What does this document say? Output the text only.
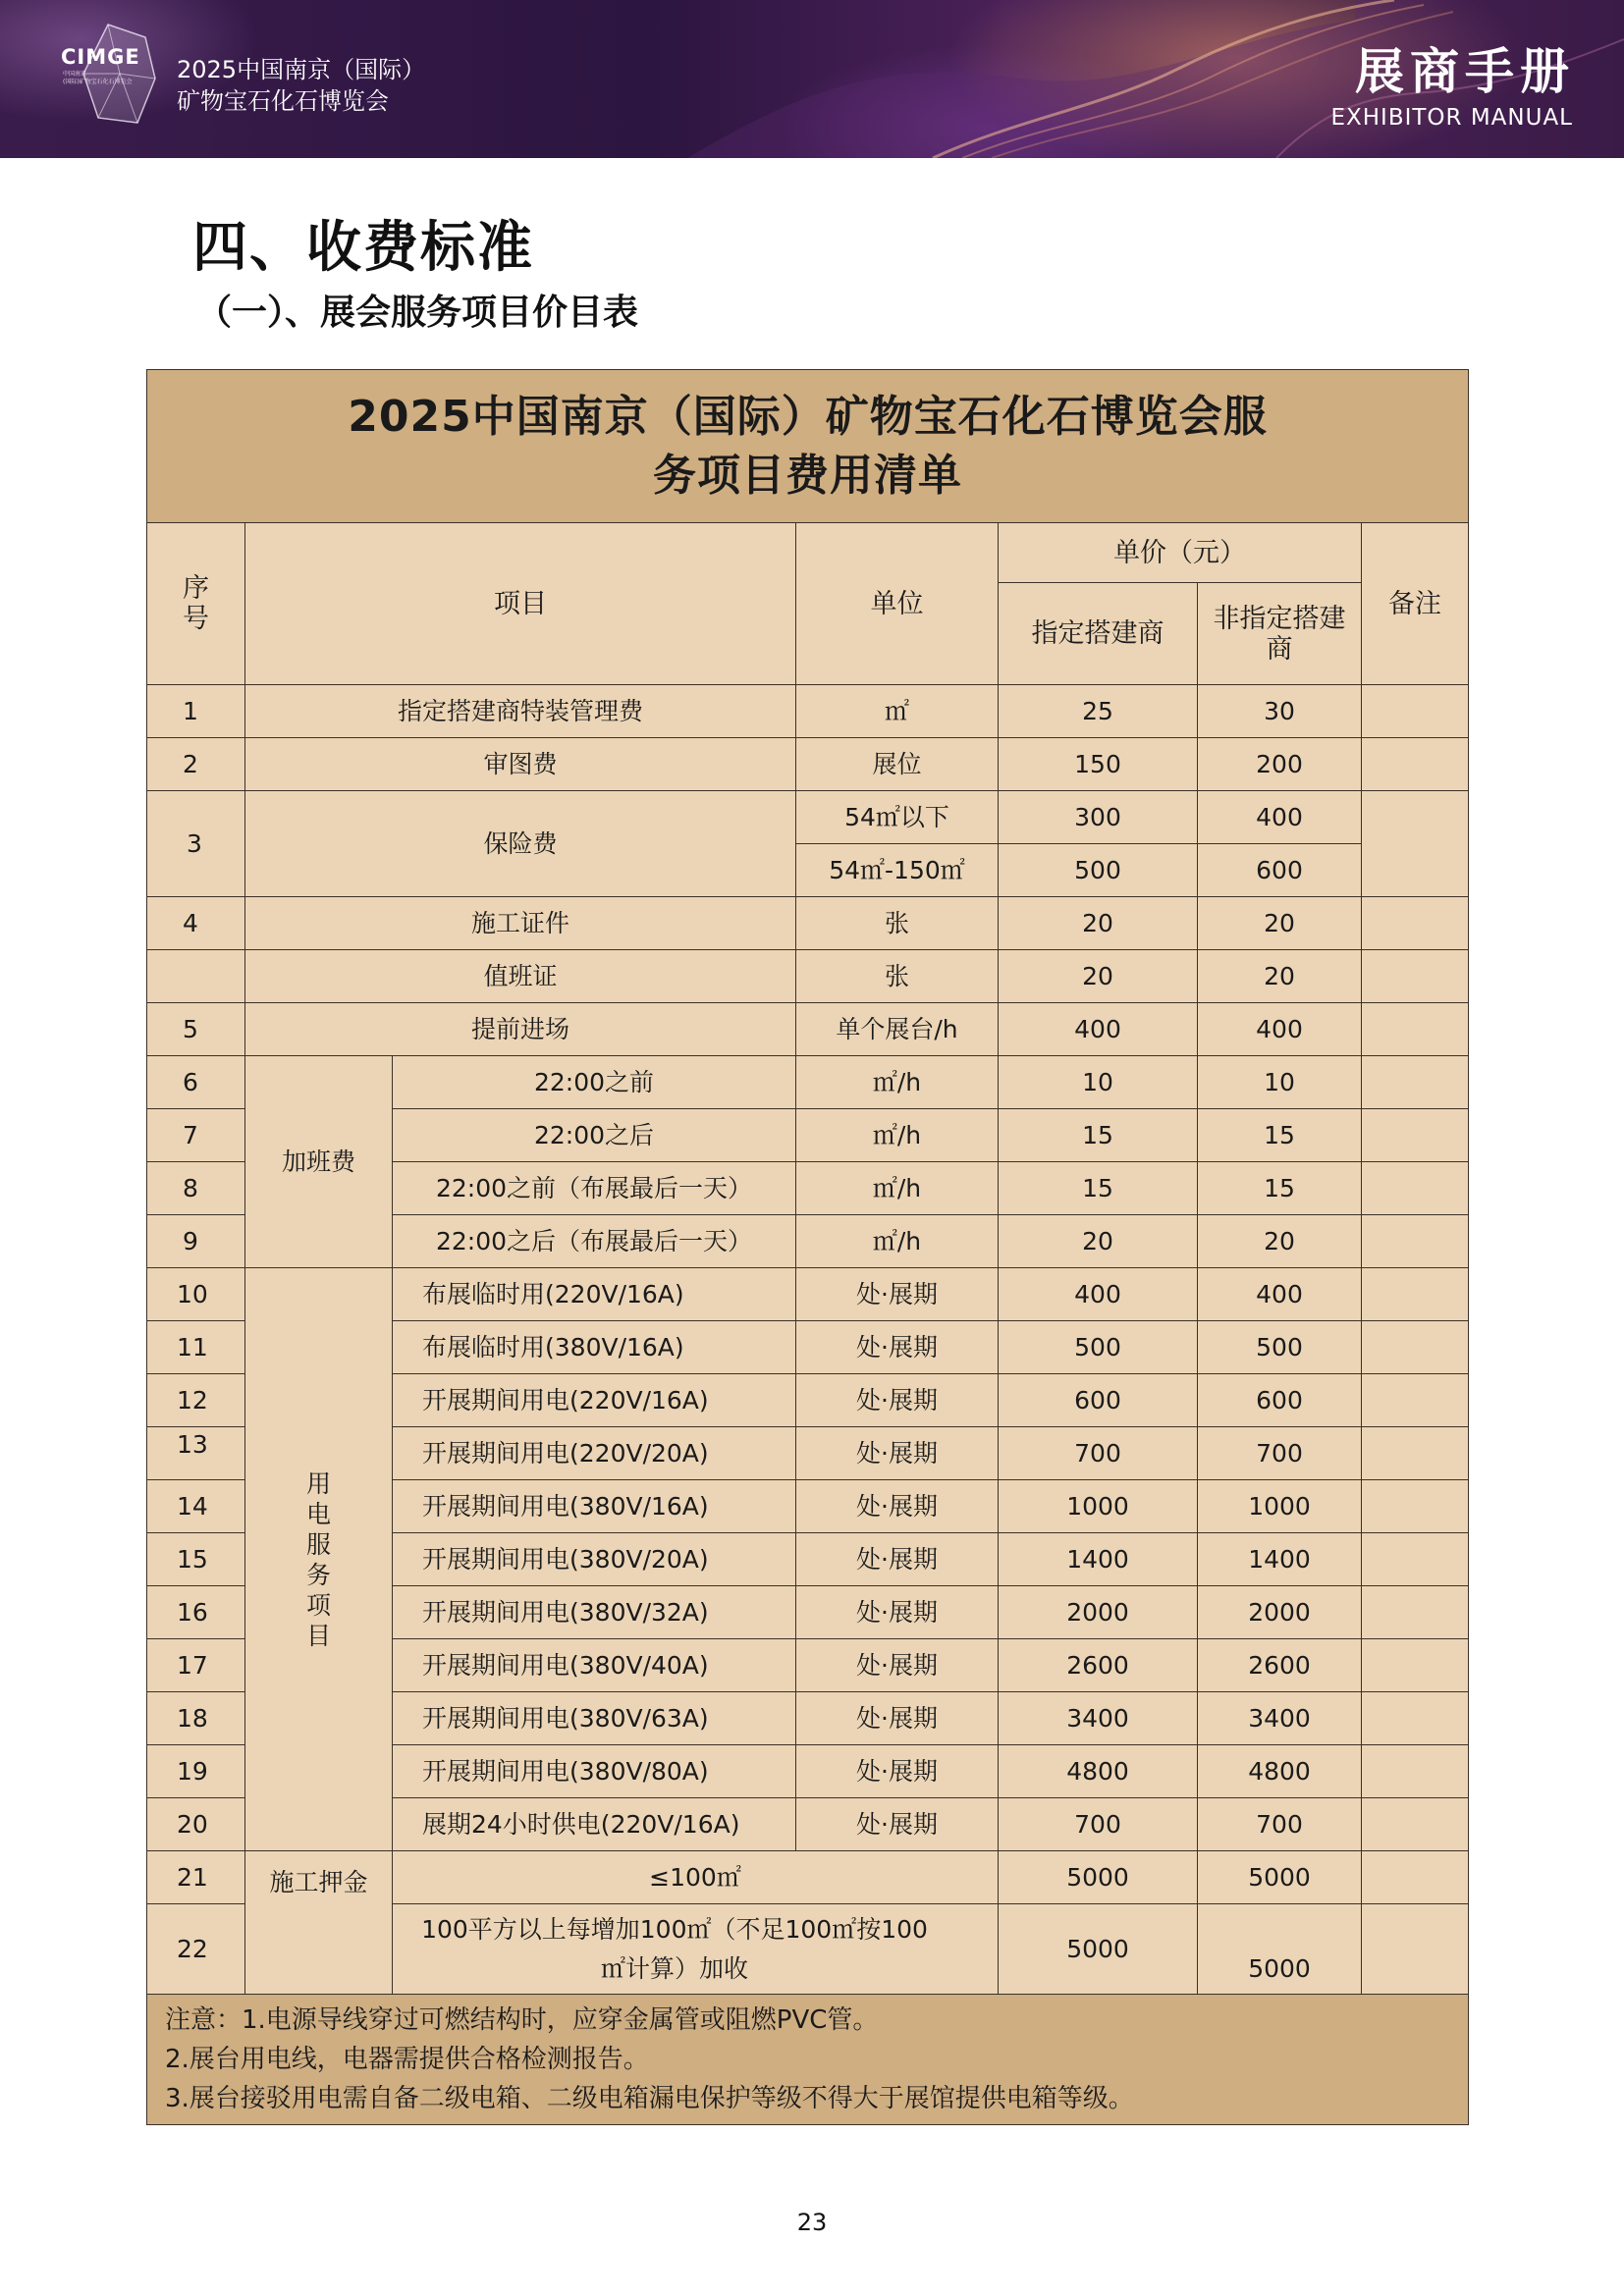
CIMGE
中国南京
(国际)矿物宝石化石博览会 2025中国南京（国际）
矿物宝石化石博览会
展商手册
EXHIBITOR MANUAL
四、收费标准
（一）、展会服务项目价目表
2025中国南京（国际）矿物宝石化石博览会服
务项目费用清单						

序号	项目		单位	单价（元）		备注
				指定搭建商	非指定搭建商	
1	指定搭建商特装管理费		㎡	25	30	
2	审图费		展位	150	200	
3	保险费		54㎡以下	300	400	
			54㎡-150㎡	500	600	
4	施工证件		张	20	20	
	值班证		张	20	20	
5	提前进场		单个展台/h	400	400	
6	加班费	22:00之前	㎡/h	10	10	
7		22:00之后	㎡/h	15	15	
8		22:00之前（布展最后一天）	㎡/h	15	15	
9		22:00之后（布展最后一天）	㎡/h	20	20	
10	用电服务项目	布展临时用(220V/16A)	处·展期	400	400	
11		布展临时用(380V/16A)	处·展期	500	500	
12		开展期间用电(220V/16A)	处·展期	600	600	
13		开展期间用电(220V/20A)	处·展期	700	700	
14		开展期间用电(380V/16A)	处·展期	1000	1000	
15		开展期间用电(380V/20A)	处·展期	1400	1400	
16		开展期间用电(380V/32A)	处·展期	2000	2000	
17		开展期间用电(380V/40A)	处·展期	2600	2600	
18		开展期间用电(380V/63A)	处·展期	3400	3400	
19		开展期间用电(380V/80A)	处·展期	4800	4800	
20		展期24小时供电(220V/16A)	处·展期	700	700	
21	施工押金	≤100㎡		5000	5000	
22		100平方以上每增加100㎡（不足100㎡按100㎡计算）加收		5000	5000	

注意：1.电源导线穿过可燃结构时，应穿金属管或阻燃PVC管。
2.展台用电线，电器需提供合格检测报告。
3.展台接驳用电需自备二级电箱、二级电箱漏电保护等级不得大于展馆提供电箱等级。						
23
